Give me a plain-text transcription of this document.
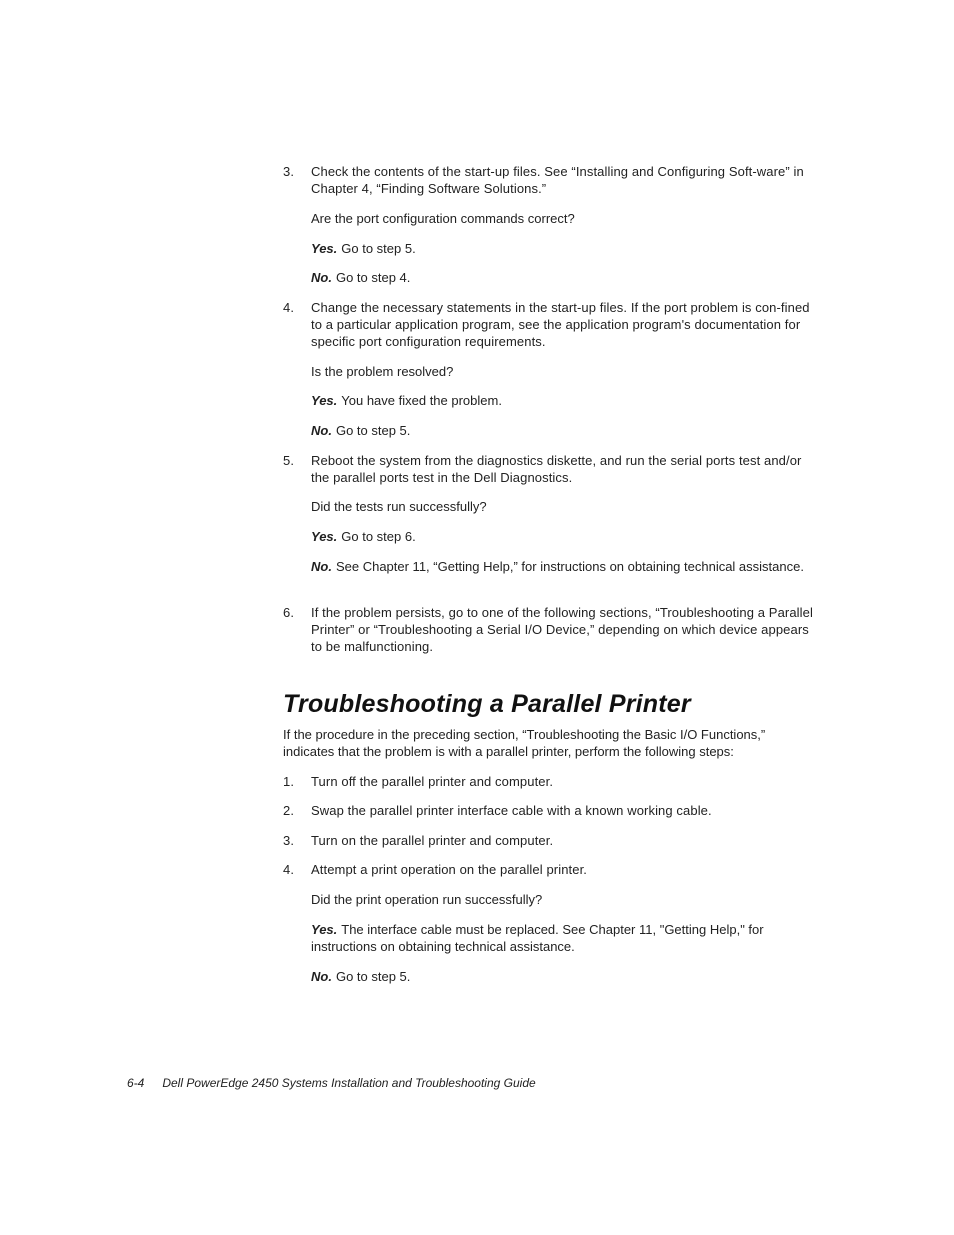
3.	Check the contents of the start-up files. See “Installing and Configuring Soft-ware” in Chapter 4, “Finding Software Solutions.”
Are the port configuration commands correct?
Yes. Go to step 5.
No. Go to step 4.
4.	Change the necessary statements in the start-up files. If the port problem is con-fined to a particular application program, see the application program's documentation for specific port configuration requirements.
Is the problem resolved?
Yes. You have fixed the problem.
No. Go to step 5.
5.	Reboot the system from the diagnostics diskette, and run the serial ports test and/or the parallel ports test in the Dell Diagnostics.
Did the tests run successfully?
Yes. Go to step 6.
No. See Chapter 11, “Getting Help,” for instructions on obtaining technical assistance.
6.	If the problem persists, go to one of the following sections, “Troubleshooting a Parallel Printer” or “Troubleshooting a Serial I/O Device,” depending on which device appears to be malfunctioning.
Troubleshooting a Parallel Printer
If the procedure in the preceding section, “Troubleshooting the Basic I/O Functions,” indicates that the problem is with a parallel printer, perform the following steps:
1.	Turn off the parallel printer and computer.
2.	Swap the parallel printer interface cable with a known working cable.
3.	Turn on the parallel printer and computer.
4.	Attempt a print operation on the parallel printer.
Did the print operation run successfully?
Yes. The interface cable must be replaced. See Chapter 11, "Getting Help," for instructions on obtaining technical assistance.
No. Go to step 5.
6-4 Dell PowerEdge 2450 Systems Installation and Troubleshooting Guide
